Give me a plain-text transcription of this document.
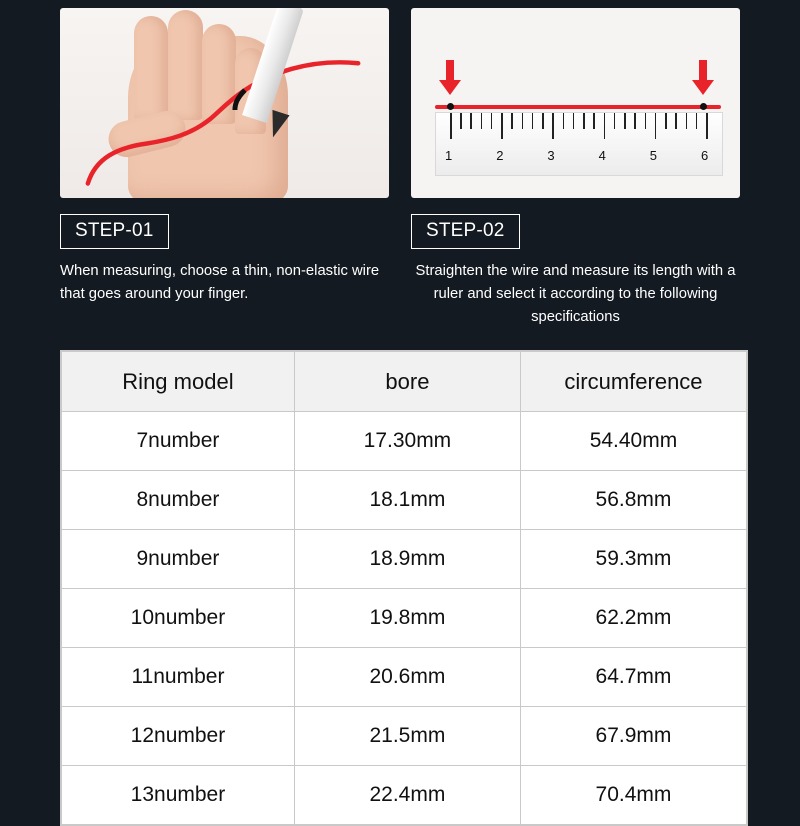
1	2	3	4	5	6
STEP-01
When measuring, choose a thin, non-elastic wire that goes around your finger.
STEP-02
Straighten the wire and measure its length with a ruler and select it according to the following specifications
Ring model	bore	circumference
7number	17.30mm	54.40mm
8number	18.1mm	56.8mm
9number	18.9mm	59.3mm
10number	19.8mm	62.2mm
11number	20.6mm	64.7mm
12number	21.5mm	67.9mm
13number	22.4mm	70.4mm
